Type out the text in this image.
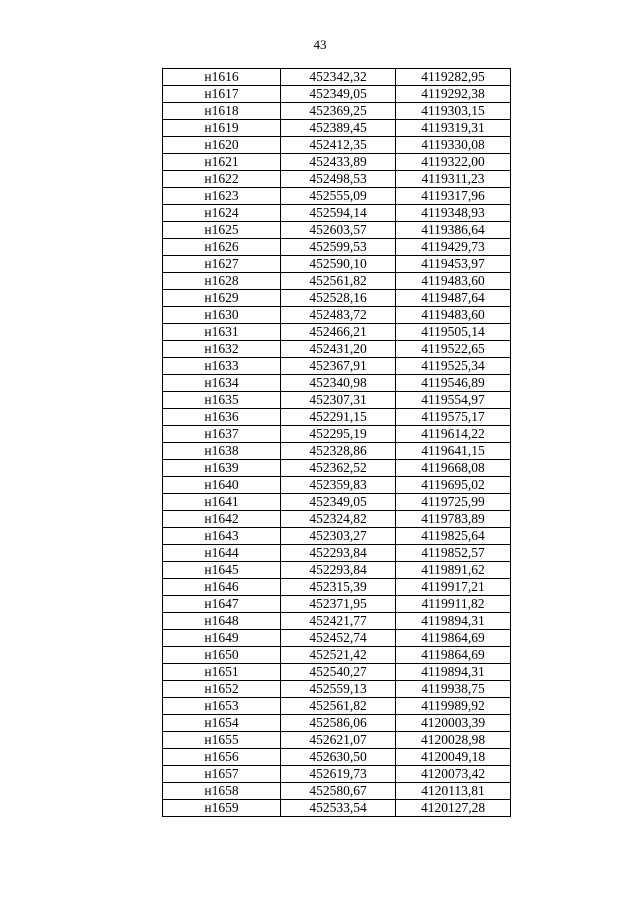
43
н1616	452342,32	4119282,95
н1617	452349,05	4119292,38
н1618	452369,25	4119303,15
н1619	452389,45	4119319,31
н1620	452412,35	4119330,08
н1621	452433,89	4119322,00
н1622	452498,53	4119311,23
н1623	452555,09	4119317,96
н1624	452594,14	4119348,93
н1625	452603,57	4119386,64
н1626	452599,53	4119429,73
н1627	452590,10	4119453,97
н1628	452561,82	4119483,60
н1629	452528,16	4119487,64
н1630	452483,72	4119483,60
н1631	452466,21	4119505,14
н1632	452431,20	4119522,65
н1633	452367,91	4119525,34
н1634	452340,98	4119546,89
н1635	452307,31	4119554,97
н1636	452291,15	4119575,17
н1637	452295,19	4119614,22
н1638	452328,86	4119641,15
н1639	452362,52	4119668,08
н1640	452359,83	4119695,02
н1641	452349,05	4119725,99
н1642	452324,82	4119783,89
н1643	452303,27	4119825,64
н1644	452293,84	4119852,57
н1645	452293,84	4119891,62
н1646	452315,39	4119917,21
н1647	452371,95	4119911,82
н1648	452421,77	4119894,31
н1649	452452,74	4119864,69
н1650	452521,42	4119864,69
н1651	452540,27	4119894,31
н1652	452559,13	4119938,75
н1653	452561,82	4119989,92
н1654	452586,06	4120003,39
н1655	452621,07	4120028,98
н1656	452630,50	4120049,18
н1657	452619,73	4120073,42
н1658	452580,67	4120113,81
н1659	452533,54	4120127,28
